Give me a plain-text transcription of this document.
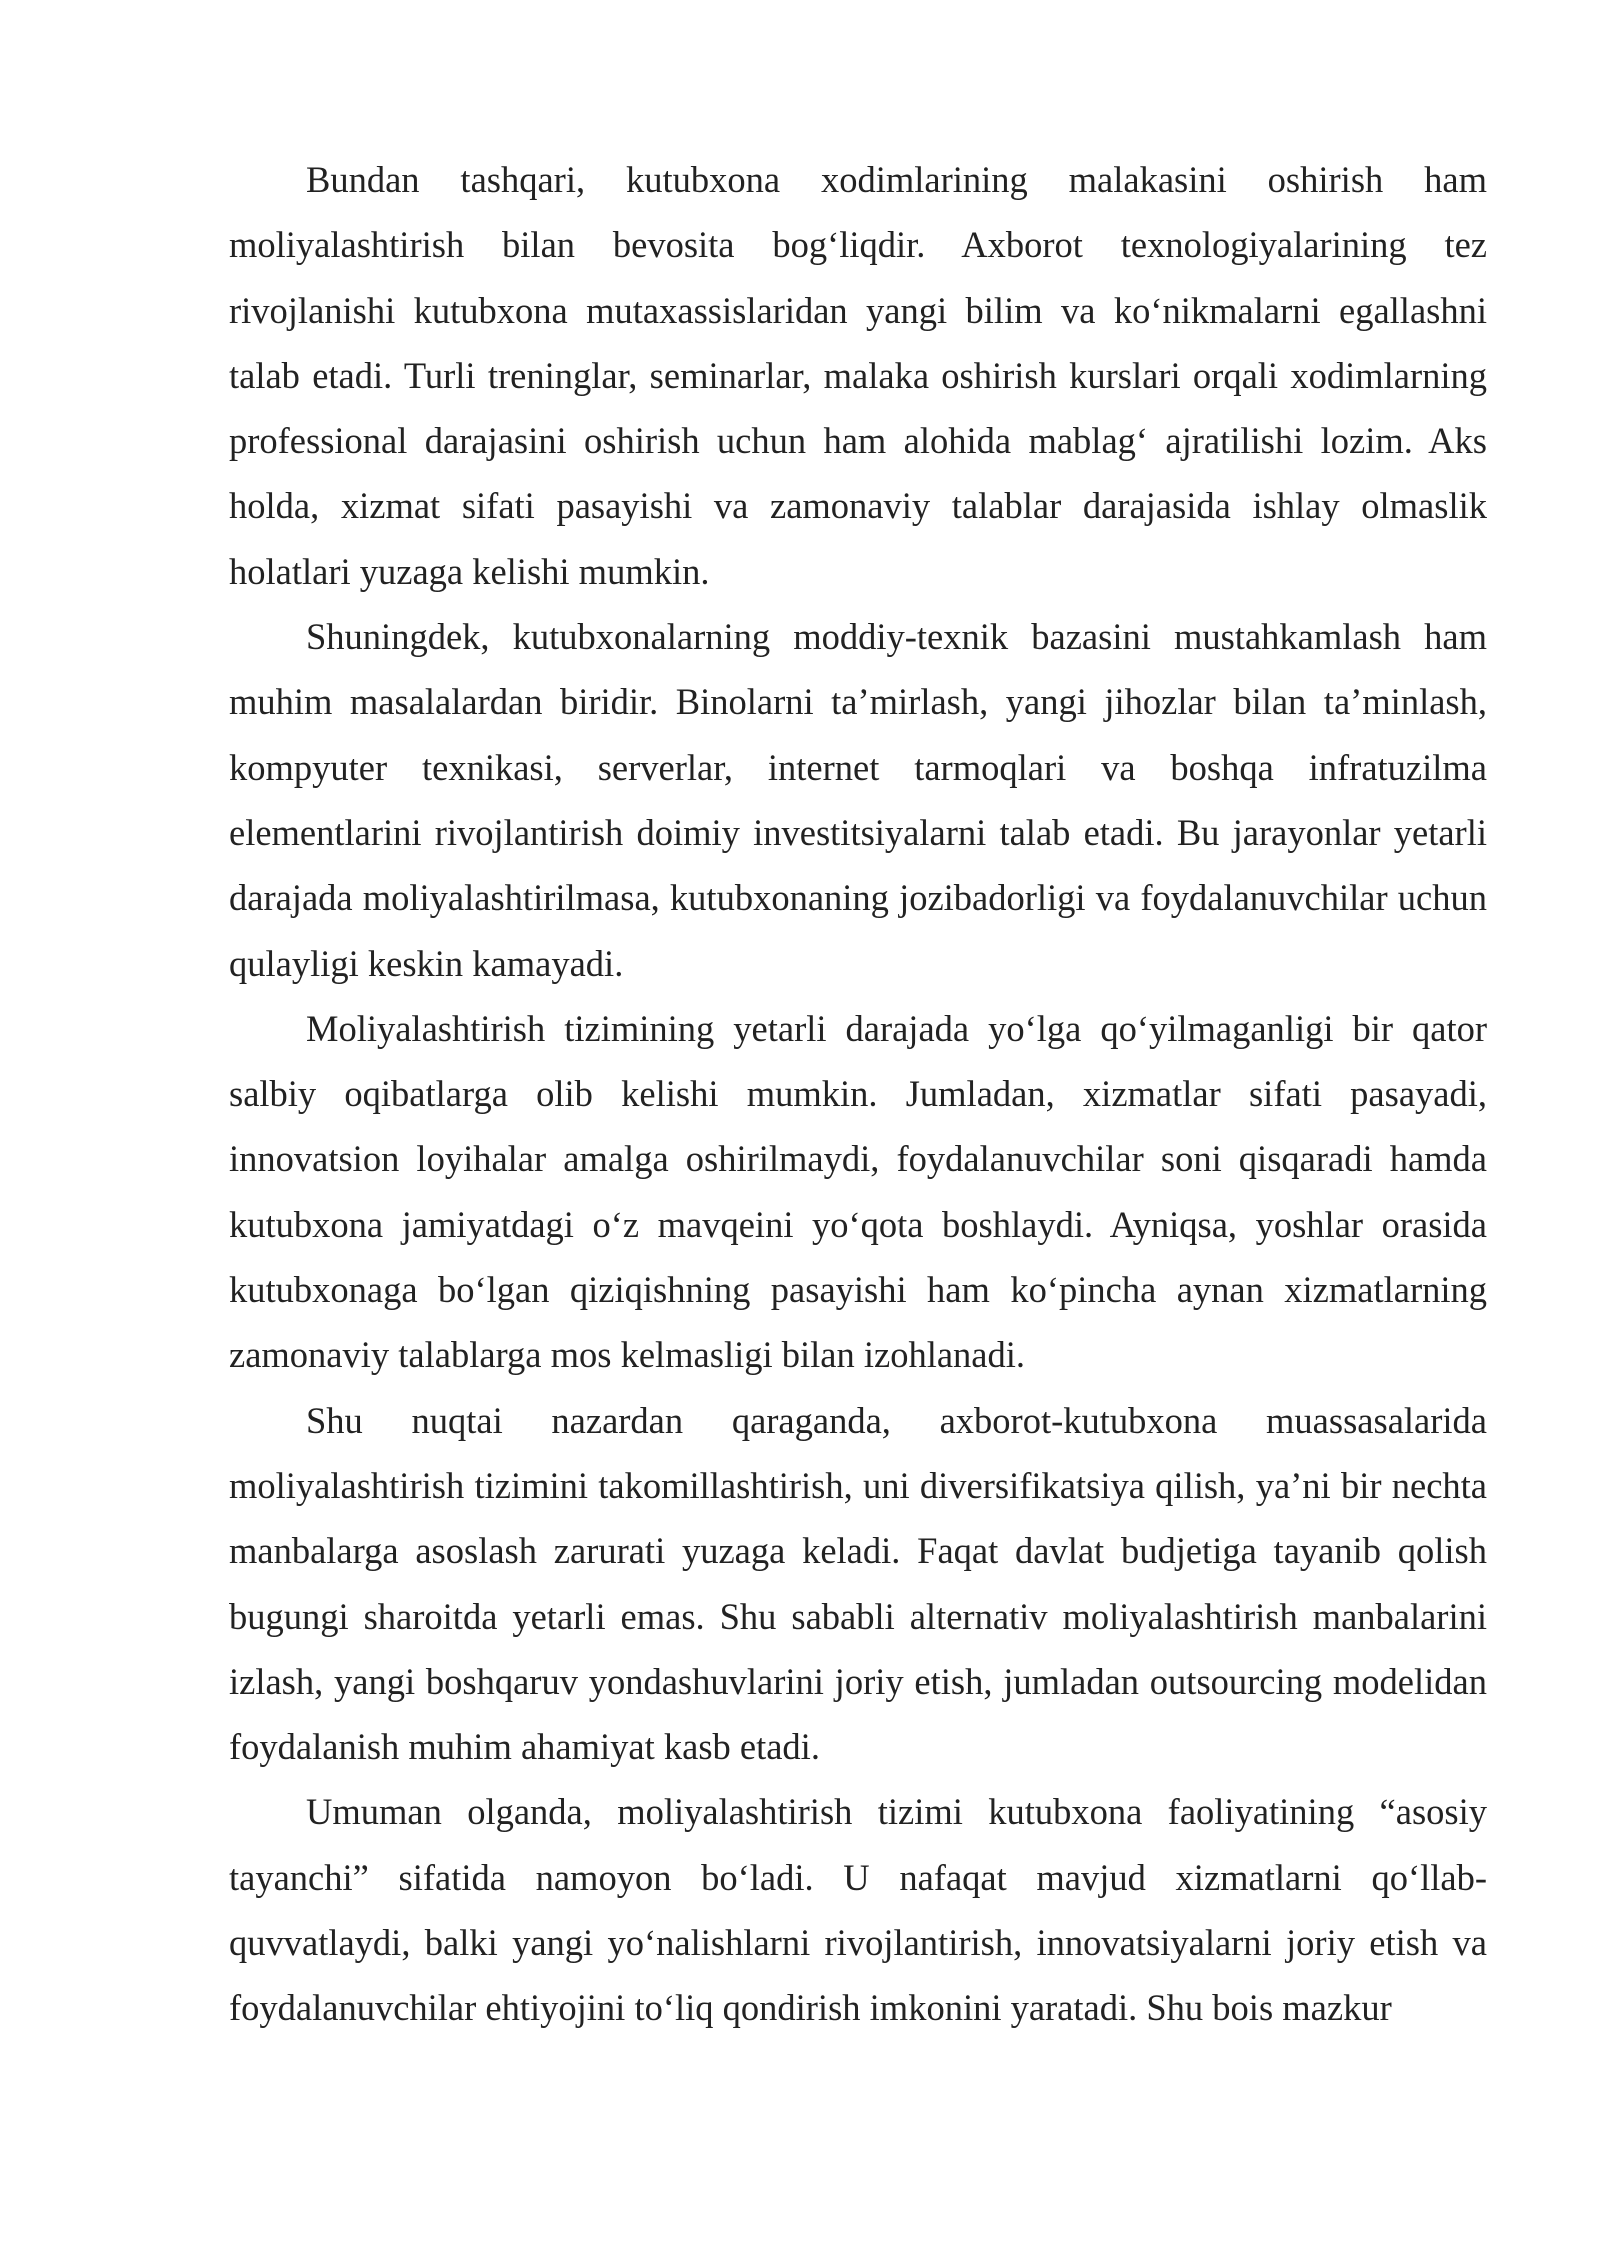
Bundan tashqari, kutubxona xodimlarining malakasini oshirish ham moliyalashtirish bilan bevosita bog‘liqdir. Axborot texnologiyalarining tez rivojlanishi kutubxona mutaxassislaridan yangi bilim va ko‘nikmalarni egallashni talab etadi. Turli treninglar, seminarlar, malaka oshirish kurslari orqali xodimlarning professional darajasini oshirish uchun ham alohida mablag‘ ajratilishi lozim. Aks holda, xizmat sifati pasayishi va zamonaviy talablar darajasida ishlay olmaslik holatlari yuzaga kelishi mumkin.

Shuningdek, kutubxonalarning moddiy-texnik bazasini mustahkamlash ham muhim masalalardan biridir. Binolarni ta’mirlash, yangi jihozlar bilan ta’minlash, kompyuter texnikasi, serverlar, internet tarmoqlari va boshqa infratuzilma elementlarini rivojlantirish doimiy investitsiyalarni talab etadi. Bu jarayonlar yetarli darajada moliyalashtirilmasa, kutubxonaning jozibadorligi va foydalanuvchilar uchun qulayligi keskin kamayadi.

Moliyalashtirish tizimining yetarli darajada yo‘lga qo‘yilmaganligi bir qator salbiy oqibatlarga olib kelishi mumkin. Jumladan, xizmatlar sifati pasayadi, innovatsion loyihalar amalga oshirilmaydi, foydalanuvchilar soni qisqaradi hamda kutubxona jamiyatdagi o‘z mavqeini yo‘qota boshlaydi. Ayniqsa, yoshlar orasida kutubxonaga bo‘lgan qiziqishning pasayishi ham ko‘pincha aynan xizmatlarning zamonaviy talablarga mos kelmasligi bilan izohlanadi.

Shu nuqtai nazardan qaraganda, axborot-kutubxona muassasalarida moliyalashtirish tizimini takomillashtirish, uni diversifikatsiya qilish, ya’ni bir nechta manbalarga asoslash zarurati yuzaga keladi. Faqat davlat budjetiga tayanib qolish bugungi sharoitda yetarli emas. Shu sababli alternativ moliyalashtirish manbalarini izlash, yangi boshqaruv yondashuvlarini joriy etish, jumladan outsourcing modelidan foydalanish muhim ahamiyat kasb etadi.

Umuman olganda, moliyalashtirish tizimi kutubxona faoliyatining “asosiy tayanchi” sifatida namoyon bo‘ladi. U nafaqat mavjud xizmatlarni qo‘llab-quvvatlaydi, balki yangi yo‘nalishlarni rivojlantirish, innovatsiyalarni joriy etish va foydalanuvchilar ehtiyojini to‘liq qondirish imkonini yaratadi. Shu bois mazkur
